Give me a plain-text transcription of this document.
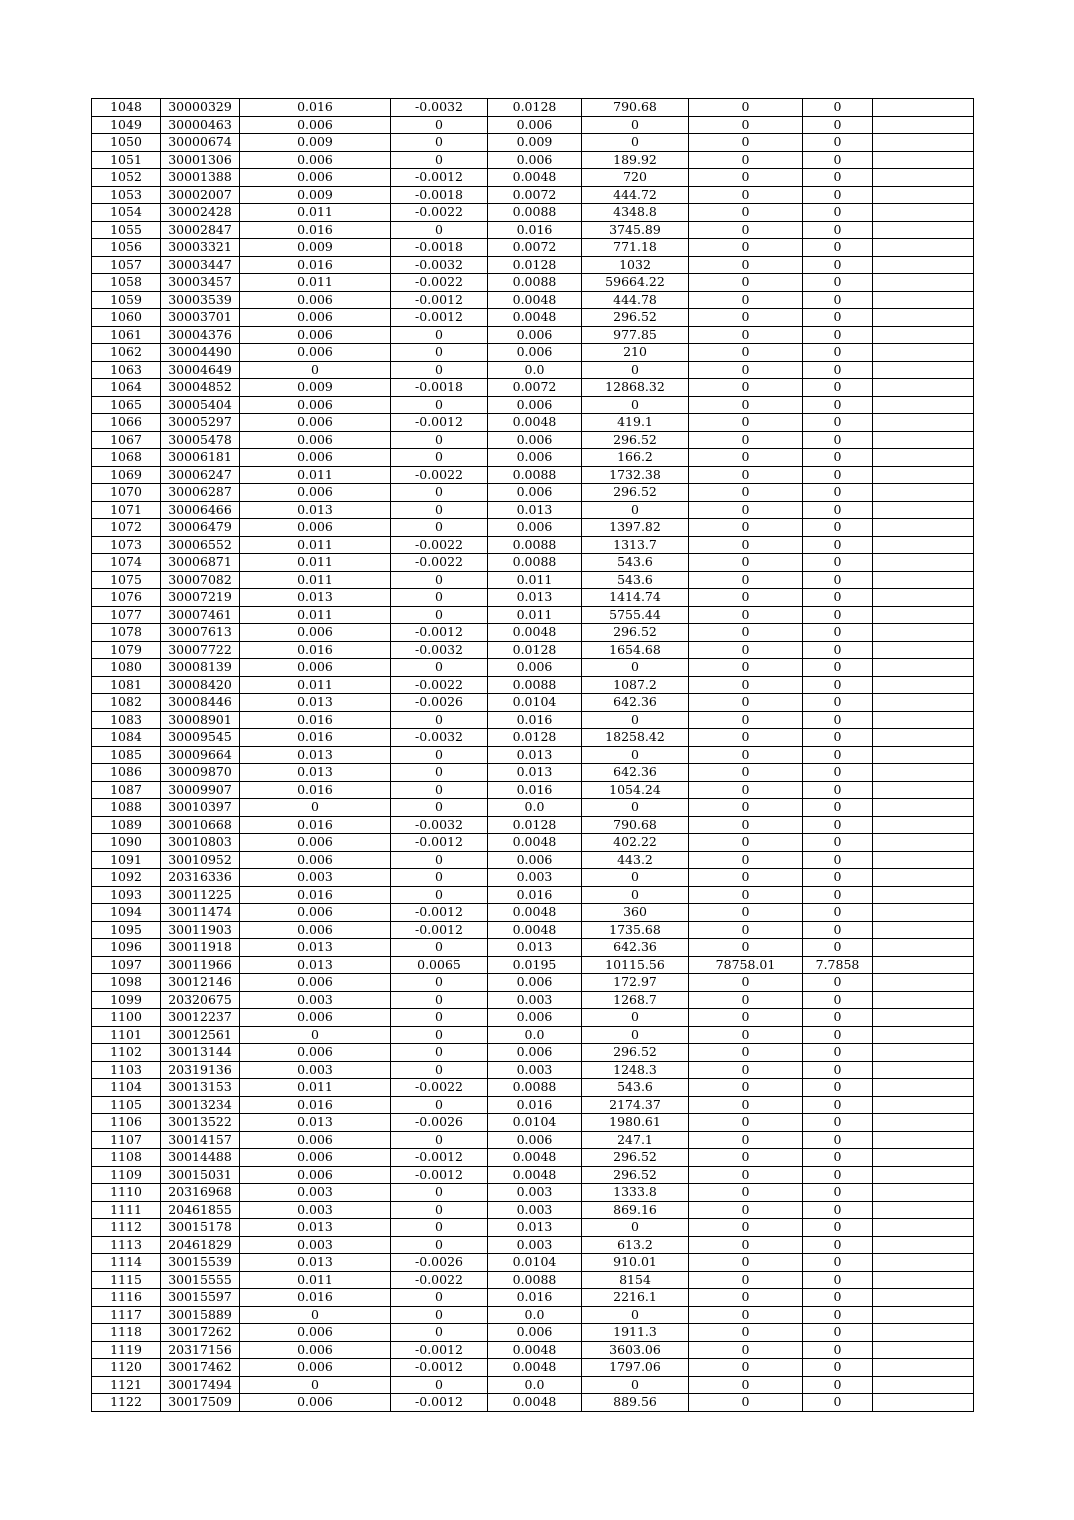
1048	30000329	0.016	-0.0032	0.0128	790.68	0	0	
1049	30000463	0.006	0	0.006	0	0	0	
1050	30000674	0.009	0	0.009	0	0	0	
1051	30001306	0.006	0	0.006	189.92	0	0	
1052	30001388	0.006	-0.0012	0.0048	720	0	0	
1053	30002007	0.009	-0.0018	0.0072	444.72	0	0	
1054	30002428	0.011	-0.0022	0.0088	4348.8	0	0	
1055	30002847	0.016	0	0.016	3745.89	0	0	
1056	30003321	0.009	-0.0018	0.0072	771.18	0	0	
1057	30003447	0.016	-0.0032	0.0128	1032	0	0	
1058	30003457	0.011	-0.0022	0.0088	59664.22	0	0	
1059	30003539	0.006	-0.0012	0.0048	444.78	0	0	
1060	30003701	0.006	-0.0012	0.0048	296.52	0	0	
1061	30004376	0.006	0	0.006	977.85	0	0	
1062	30004490	0.006	0	0.006	210	0	0	
1063	30004649	0	0	0.0	0	0	0	
1064	30004852	0.009	-0.0018	0.0072	12868.32	0	0	
1065	30005404	0.006	0	0.006	0	0	0	
1066	30005297	0.006	-0.0012	0.0048	419.1	0	0	
1067	30005478	0.006	0	0.006	296.52	0	0	
1068	30006181	0.006	0	0.006	166.2	0	0	
1069	30006247	0.011	-0.0022	0.0088	1732.38	0	0	
1070	30006287	0.006	0	0.006	296.52	0	0	
1071	30006466	0.013	0	0.013	0	0	0	
1072	30006479	0.006	0	0.006	1397.82	0	0	
1073	30006552	0.011	-0.0022	0.0088	1313.7	0	0	
1074	30006871	0.011	-0.0022	0.0088	543.6	0	0	
1075	30007082	0.011	0	0.011	543.6	0	0	
1076	30007219	0.013	0	0.013	1414.74	0	0	
1077	30007461	0.011	0	0.011	5755.44	0	0	
1078	30007613	0.006	-0.0012	0.0048	296.52	0	0	
1079	30007722	0.016	-0.0032	0.0128	1654.68	0	0	
1080	30008139	0.006	0	0.006	0	0	0	
1081	30008420	0.011	-0.0022	0.0088	1087.2	0	0	
1082	30008446	0.013	-0.0026	0.0104	642.36	0	0	
1083	30008901	0.016	0	0.016	0	0	0	
1084	30009545	0.016	-0.0032	0.0128	18258.42	0	0	
1085	30009664	0.013	0	0.013	0	0	0	
1086	30009870	0.013	0	0.013	642.36	0	0	
1087	30009907	0.016	0	0.016	1054.24	0	0	
1088	30010397	0	0	0.0	0	0	0	
1089	30010668	0.016	-0.0032	0.0128	790.68	0	0	
1090	30010803	0.006	-0.0012	0.0048	402.22	0	0	
1091	30010952	0.006	0	0.006	443.2	0	0	
1092	20316336	0.003	0	0.003	0	0	0	
1093	30011225	0.016	0	0.016	0	0	0	
1094	30011474	0.006	-0.0012	0.0048	360	0	0	
1095	30011903	0.006	-0.0012	0.0048	1735.68	0	0	
1096	30011918	0.013	0	0.013	642.36	0	0	
1097	30011966	0.013	0.0065	0.0195	10115.56	78758.01	7.7858	
1098	30012146	0.006	0	0.006	172.97	0	0	
1099	20320675	0.003	0	0.003	1268.7	0	0	
1100	30012237	0.006	0	0.006	0	0	0	
1101	30012561	0	0	0.0	0	0	0	
1102	30013144	0.006	0	0.006	296.52	0	0	
1103	20319136	0.003	0	0.003	1248.3	0	0	
1104	30013153	0.011	-0.0022	0.0088	543.6	0	0	
1105	30013234	0.016	0	0.016	2174.37	0	0	
1106	30013522	0.013	-0.0026	0.0104	1980.61	0	0	
1107	30014157	0.006	0	0.006	247.1	0	0	
1108	30014488	0.006	-0.0012	0.0048	296.52	0	0	
1109	30015031	0.006	-0.0012	0.0048	296.52	0	0	
1110	20316968	0.003	0	0.003	1333.8	0	0	
1111	20461855	0.003	0	0.003	869.16	0	0	
1112	30015178	0.013	0	0.013	0	0	0	
1113	20461829	0.003	0	0.003	613.2	0	0	
1114	30015539	0.013	-0.0026	0.0104	910.01	0	0	
1115	30015555	0.011	-0.0022	0.0088	8154	0	0	
1116	30015597	0.016	0	0.016	2216.1	0	0	
1117	30015889	0	0	0.0	0	0	0	
1118	30017262	0.006	0	0.006	1911.3	0	0	
1119	20317156	0.006	-0.0012	0.0048	3603.06	0	0	
1120	30017462	0.006	-0.0012	0.0048	1797.06	0	0	
1121	30017494	0	0	0.0	0	0	0	
1122	30017509	0.006	-0.0012	0.0048	889.56	0	0	
